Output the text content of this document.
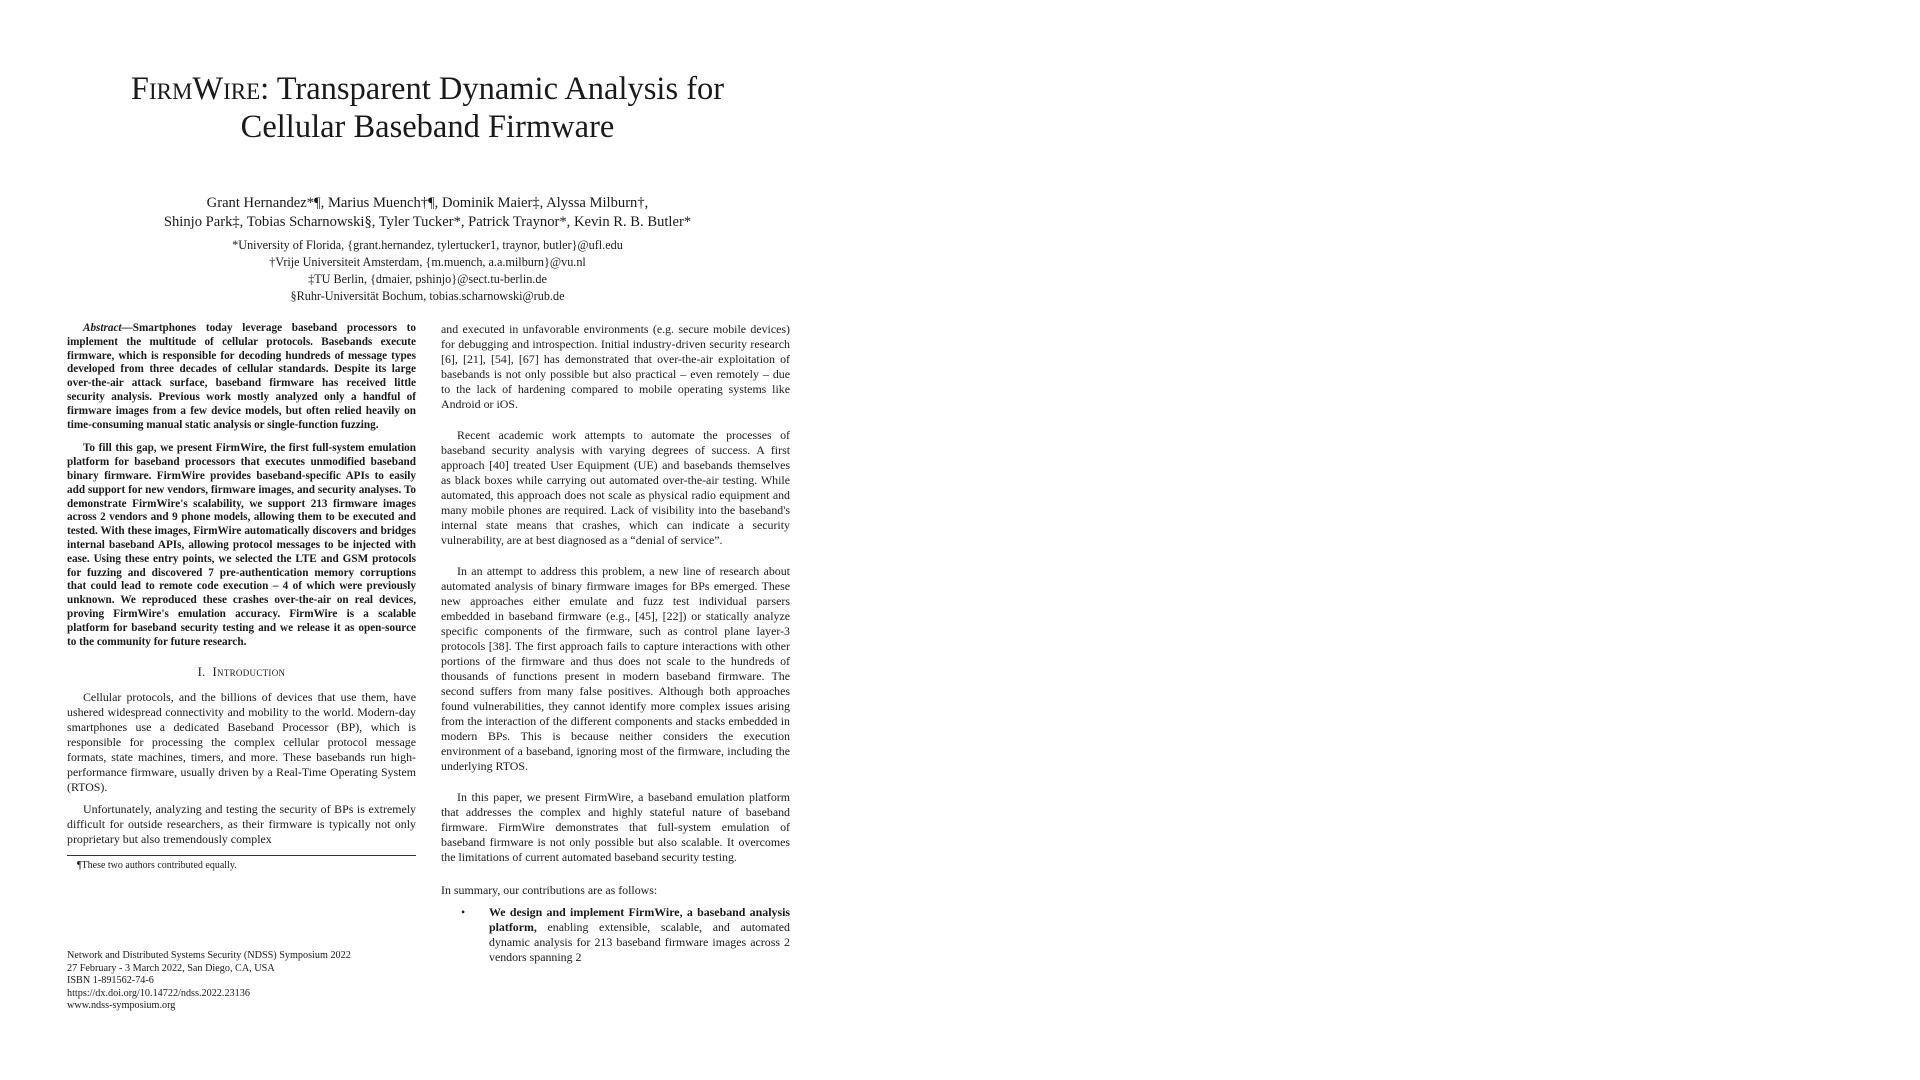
FirmWire: Transparent Dynamic Analysis for
Cellular Baseband Firmware
Grant Hernandez*¶, Marius Muench†¶, Dominik Maier‡, Alyssa Milburn†,
Shinjo Park‡, Tobias Scharnowski§, Tyler Tucker*, Patrick Traynor*, Kevin R. B. Butler*
*University of Florida, {grant.hernandez, tylertucker1, traynor, butler}@ufl.edu
†Vrije Universiteit Amsterdam, {m.muench, a.a.milburn}@vu.nl
‡TU Berlin, {dmaier, pshinjo}@sect.tu-berlin.de
§Ruhr-Universität Bochum, tobias.scharnowski@rub.de

Abstract—Smartphones today leverage baseband processors to implement the multitude of cellular protocols. Basebands execute firmware, which is responsible for decoding hundreds of message types developed from three decades of cellular standards. Despite its large over-the-air attack surface, baseband firmware has received little security analysis. Previous work mostly analyzed only a handful of firmware images from a few device models, but often relied heavily on time-consuming manual static analysis or single-function fuzzing.

To fill this gap, we present FirmWire, the first full-system emulation platform for baseband processors that executes unmodified baseband binary firmware. FirmWire provides baseband-specific APIs to easily add support for new vendors, firmware images, and security analyses. To demonstrate FirmWire's scalability, we support 213 firmware images across 2 vendors and 9 phone models, allowing them to be executed and tested. With these images, FirmWire automatically discovers and bridges internal baseband APIs, allowing protocol messages to be injected with ease. Using these entry points, we selected the LTE and GSM protocols for fuzzing and discovered 7 pre-authentication memory corruptions that could lead to remote code execution – 4 of which were previously unknown. We reproduced these crashes over-the-air on real devices, proving FirmWire's emulation accuracy. FirmWire is a scalable platform for baseband security testing and we release it as open-source to the community for future research.

I. Introduction

Cellular protocols, and the billions of devices that use them, have ushered widespread connectivity and mobility to the world. Modern-day smartphones use a dedicated Baseband Processor (BP), which is responsible for processing the complex cellular protocol message formats, state machines, timers, and more. These basebands run high-performance firmware, usually driven by a Real-Time Operating System (RTOS).

Unfortunately, analyzing and testing the security of BPs is extremely difficult for outside researchers, as their firmware is typically not only proprietary but also tremendously complex

¶These two authors contributed equally.
Network and Distributed Systems Security (NDSS) Symposium 2022
27 February - 3 March 2022, San Diego, CA, USA
ISBN 1-891562-74-6
https://dx.doi.org/10.14722/ndss.2022.23136
www.ndss-symposium.org

and executed in unfavorable environments (e.g. secure mobile devices) for debugging and introspection. Initial industry-driven security research [6], [21], [54], [67] has demonstrated that over-the-air exploitation of basebands is not only possible but also practical – even remotely – due to the lack of hardening compared to mobile operating systems like Android or iOS.

Recent academic work attempts to automate the processes of baseband security analysis with varying degrees of success. A first approach [40] treated User Equipment (UE) and basebands themselves as black boxes while carrying out automated over-the-air testing. While automated, this approach does not scale as physical radio equipment and many mobile phones are required. Lack of visibility into the baseband's internal state means that crashes, which can indicate a security vulnerability, are at best diagnosed as a “denial of service”.

In an attempt to address this problem, a new line of research about automated analysis of binary firmware images for BPs emerged. These new approaches either emulate and fuzz test individual parsers embedded in baseband firmware (e.g., [45], [22]) or statically analyze specific components of the firmware, such as control plane layer-3 protocols [38]. The first approach fails to capture interactions with other portions of the firmware and thus does not scale to the hundreds of thousands of functions present in modern baseband firmware. The second suffers from many false positives. Although both approaches found vulnerabilities, they cannot identify more complex issues arising from the interaction of the different components and stacks embedded in modern BPs. This is because neither considers the execution environment of a baseband, ignoring most of the firmware, including the underlying RTOS.

In this paper, we present FirmWire, a baseband emulation platform that addresses the complex and highly stateful nature of baseband firmware. FirmWire demonstrates that full-system emulation of baseband firmware is not only possible but also scalable. It overcomes the limitations of current automated baseband security testing.

In summary, our contributions are as follows:

• We design and implement FirmWire, a baseband analysis platform, enabling extensible, scalable, and automated dynamic analysis for 213 baseband firmware images across 2 vendors spanning 2
